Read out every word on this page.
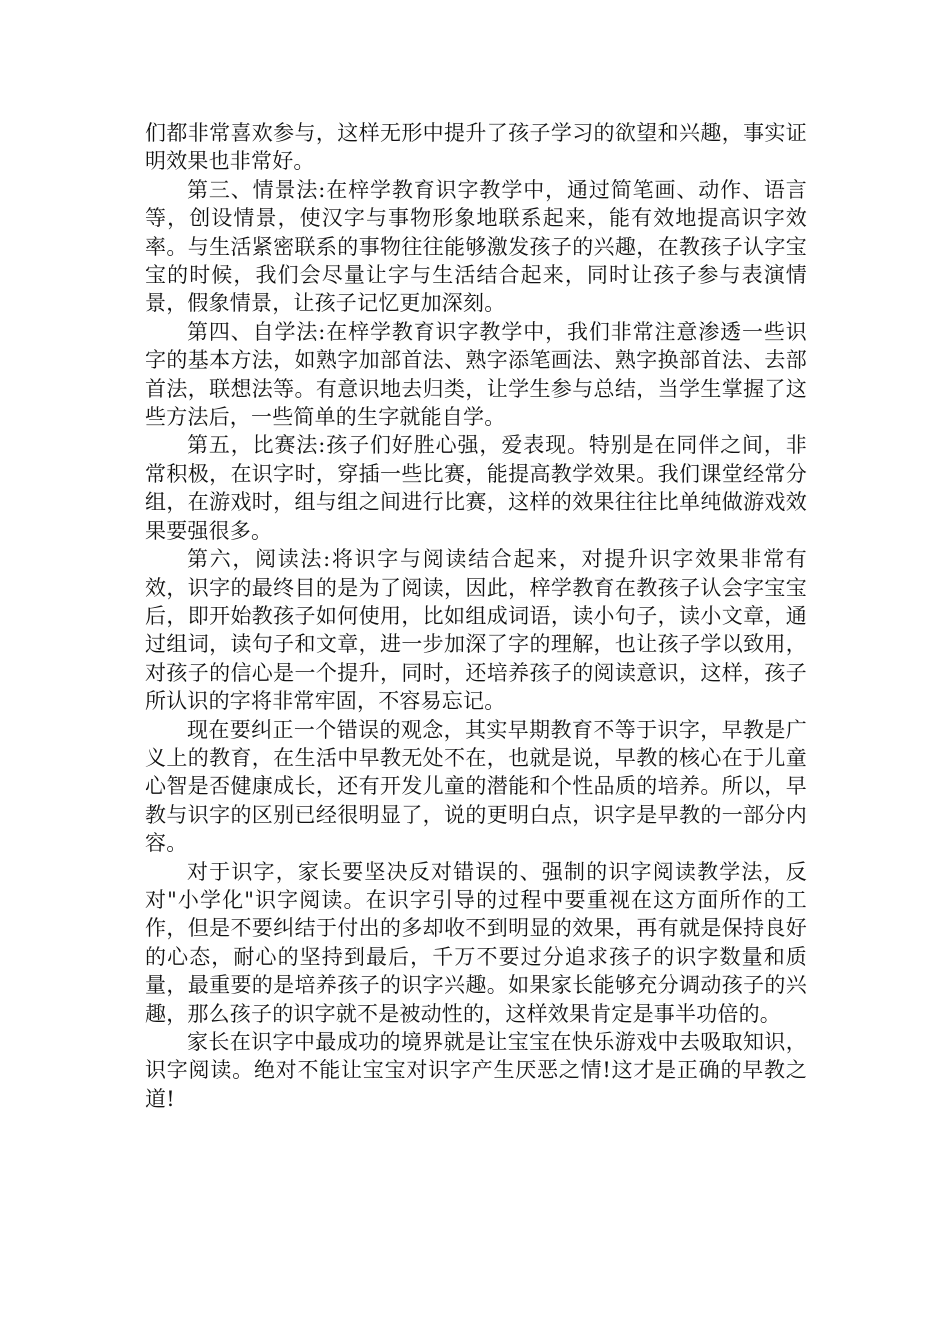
们都非常喜欢参与，这样无形中提升了孩子学习的欲望和兴趣，事实证明效果也非常好。

第三、情景法:在梓学教育识字教学中，通过简笔画、动作、语言等，创设情景，使汉字与事物形象地联系起来，能有效地提高识字效率。与生活紧密联系的事物往往能够激发孩子的兴趣，在教孩子认字宝宝的时候，我们会尽量让字与生活结合起来，同时让孩子参与表演情景，假象情景，让孩子记忆更加深刻。

第四、自学法:在梓学教育识字教学中，我们非常注意渗透一些识字的基本方法，如熟字加部首法、熟字添笔画法、熟字换部首法、去部首法，联想法等。有意识地去归类，让学生参与总结，当学生掌握了这些方法后，一些简单的生字就能自学。

第五，比赛法:孩子们好胜心强，爱表现。特别是在同伴之间，非常积极，在识字时，穿插一些比赛，能提高教学效果。我们课堂经常分组，在游戏时，组与组之间进行比赛，这样的效果往往比单纯做游戏效果要强很多。

第六，阅读法:将识字与阅读结合起来，对提升识字效果非常有效，识字的最终目的是为了阅读，因此，梓学教育在教孩子认会字宝宝后，即开始教孩子如何使用，比如组成词语，读小句子，读小文章，通过组词，读句子和文章，进一步加深了字的理解，也让孩子学以致用，对孩子的信心是一个提升，同时，还培养孩子的阅读意识，这样，孩子所认识的字将非常牢固，不容易忘记。

现在要纠正一个错误的观念，其实早期教育不等于识字，早教是广义上的教育，在生活中早教无处不在，也就是说，早教的核心在于儿童心智是否健康成长，还有开发儿童的潜能和个性品质的培养。所以，早教与识字的区别已经很明显了，说的更明白点，识字是早教的一部分内容。

对于识字，家长要坚决反对错误的、强制的识字阅读教学法，反对"小学化"识字阅读。在识字引导的过程中要重视在这方面所作的工作，但是不要纠结于付出的多却收不到明显的效果，再有就是保持良好的心态，耐心的坚持到最后，千万不要过分追求孩子的识字数量和质量，最重要的是培养孩子的识字兴趣。如果家长能够充分调动孩子的兴趣，那么孩子的识字就不是被动性的，这样效果肯定是事半功倍的。

家长在识字中最成功的境界就是让宝宝在快乐游戏中去吸取知识，识字阅读。绝对不能让宝宝对识字产生厌恶之情!这才是正确的早教之道!
